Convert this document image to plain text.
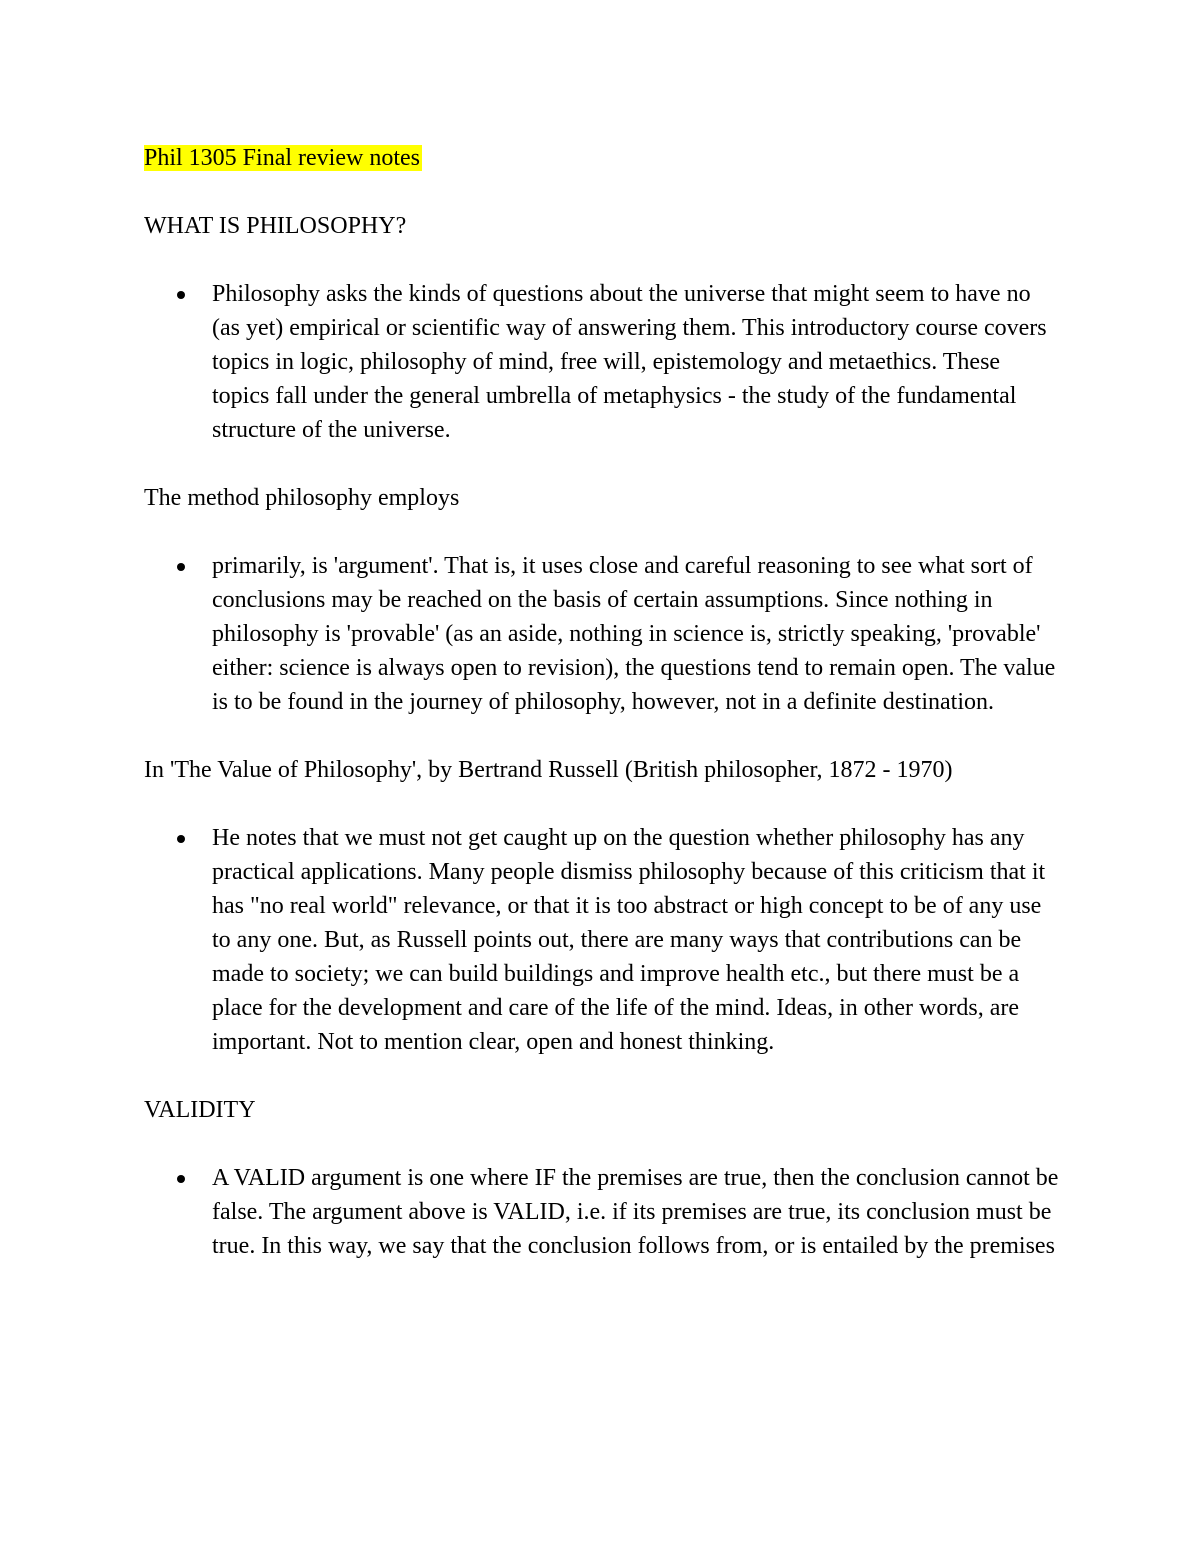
Phil 1305 Final review notes
WHAT IS PHILOSOPHY?
Philosophy asks the kinds of questions about the universe that might seem to have no (as yet) empirical or scientific way of answering them. This introductory course covers topics in logic, philosophy of mind, free will, epistemology and metaethics. These topics fall under the general umbrella of metaphysics - the study of the fundamental structure of the universe.
The method philosophy employs
primarily, is 'argument'. That is, it uses close and careful reasoning to see what sort of conclusions may be reached on the basis of certain assumptions. Since nothing in philosophy is 'provable' (as an aside, nothing in science is, strictly speaking, 'provable' either: science is always open to revision), the questions tend to remain open. The value is to be found in the journey of philosophy, however, not in a definite destination.
In 'The Value of Philosophy', by Bertrand Russell (British philosopher, 1872 - 1970)
He notes that we must not get caught up on the question whether philosophy has any practical applications. Many people dismiss philosophy because of this criticism that it has "no real world" relevance, or that it is too abstract or high concept to be of any use to any one. But, as Russell points out, there are many ways that contributions can be made to society; we can build buildings and improve health etc., but there must be a place for the development and care of the life of the mind. Ideas, in other words, are important. Not to mention clear, open and honest thinking.
VALIDITY
A VALID argument is one where IF the premises are true, then the conclusion cannot be false. The argument above is VALID, i.e. if its premises are true, its conclusion must be true. In this way, we say that the conclusion follows from, or is entailed by the premises
